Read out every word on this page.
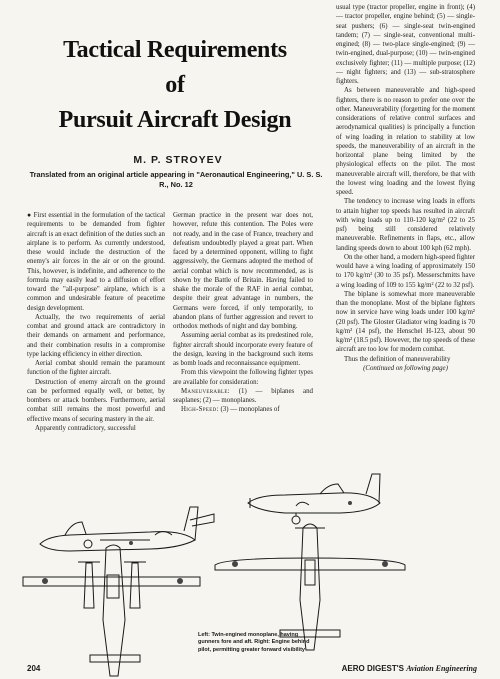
Tactical Requirements
of
Pursuit Aircraft Design
M. P. STROYEV
Translated from an original article appearing in "Aeronautical Engineering," U. S. S. R., No. 12

● First essential in the formulation of the tactical requirements to be demanded from fighter aircraft is an exact definition of the duties such an airplane is to perform. As currently understood, these would include the destruction of the enemy's air forces in the air or on the ground. This, however, is indefinite, and adherence to the formula may easily lead to a diffusion of effort toward the "all-purpose" airplane, which is a common and undesirable feature of peacetime design development.

Actually, the two requirements of aerial combat and ground attack are contradictory in their demands on armament and performance, and their combination results in a compromise type lacking efficiency in either direction.

Aerial combat should remain the paramount function of the fighter aircraft.

Destruction of enemy aircraft on the ground can be performed equally well, or better, by bombers or attack bombers. Furthermore, aerial combat still remains the most powerful and effective means of securing mastery in the air.

Apparently contradictory, successful

German practice in the present war does not, however, refute this contention. The Poles were not ready, and in the case of France, treachery and defeatism undoubtedly played a great part. When faced by a determined opponent, willing to fight aggressively, the Germans adopted the method of aerial combat which is now recommended, as is shown by the Battle of Britain. Having failed to shake the morale of the RAF in aerial combat, despite their great advantage in numbers, the Germans were forced, if only temporarily, to abandon plans of further aggression and revert to orthodox methods of night and day bombing.

Assuming aerial combat as its predestined role, fighter aircraft should incorporate every feature of the design, leaving in the background such items as bomb loads and reconnaissance equipment.

From this viewpoint the following fighter types are available for consideration:

Maneuverable: (1) — biplanes and seaplanes; (2) — monoplanes.

High-Speed: (3) — monoplanes of

usual type (tractor propeller, engine in front); (4) — tractor propeller, engine behind; (5) — single-seat pushers; (6) — single-seat twin-engined tandem; (7) — single-seat, conventional multi-engined; (8) — two-place single-engined; (9) — twin-engined, dual-purpose; (10) — twin-engined exclusively fighter; (11) — multiple purpose; (12) — night fighters; and (13) — sub-stratosphere fighters.

As between maneuverable and high-speed fighters, there is no reason to prefer one over the other. Maneuverability (forgetting for the moment considerations of relative control surfaces and aerodynamical qualities) is principally a function of wing loading in relation to stability at low speeds, the maneuverability of an aircraft in the horizontal plane being limited by the physiological effects on the pilot. The most maneuverable aircraft will, therefore, be that with the lowest wing loading and the lowest flying speed.

The tendency to increase wing loads in efforts to attain higher top speeds has resulted in aircraft with wing loads up to 110-120 kg/m² (22 to 25 psf) being still considered relatively maneuverable. Refinements in flaps, etc., allow landing speeds down to about 100 kph (62 mph).

On the other hand, a modern high-speed fighter would have a wing loading of approximately 150 to 170 kg/m² (30 to 35 psf). Messerschmitts have a wing loading of 109 to 155 kg/m² (22 to 32 psf).

The biplane is somewhat more maneuverable than the monoplane. Most of the biplane fighters now in service have wing loads under 100 kg/m² (20 psf). The Gloster Gladiator wing loading is 70 kg/m² (14 psf), the Henschel H-123, about 90 kg/m² (18.5 psf). However, the top speeds of these aircraft are too low for modern combat.

Thus the definition of maneuverability

(Continued on following page)

Left: Twin-engined monoplane, having gunners fore and aft. Right: Engine behind pilot, permitting greater forward visibility
204	AERO DIGEST'S Aviation Engineering
